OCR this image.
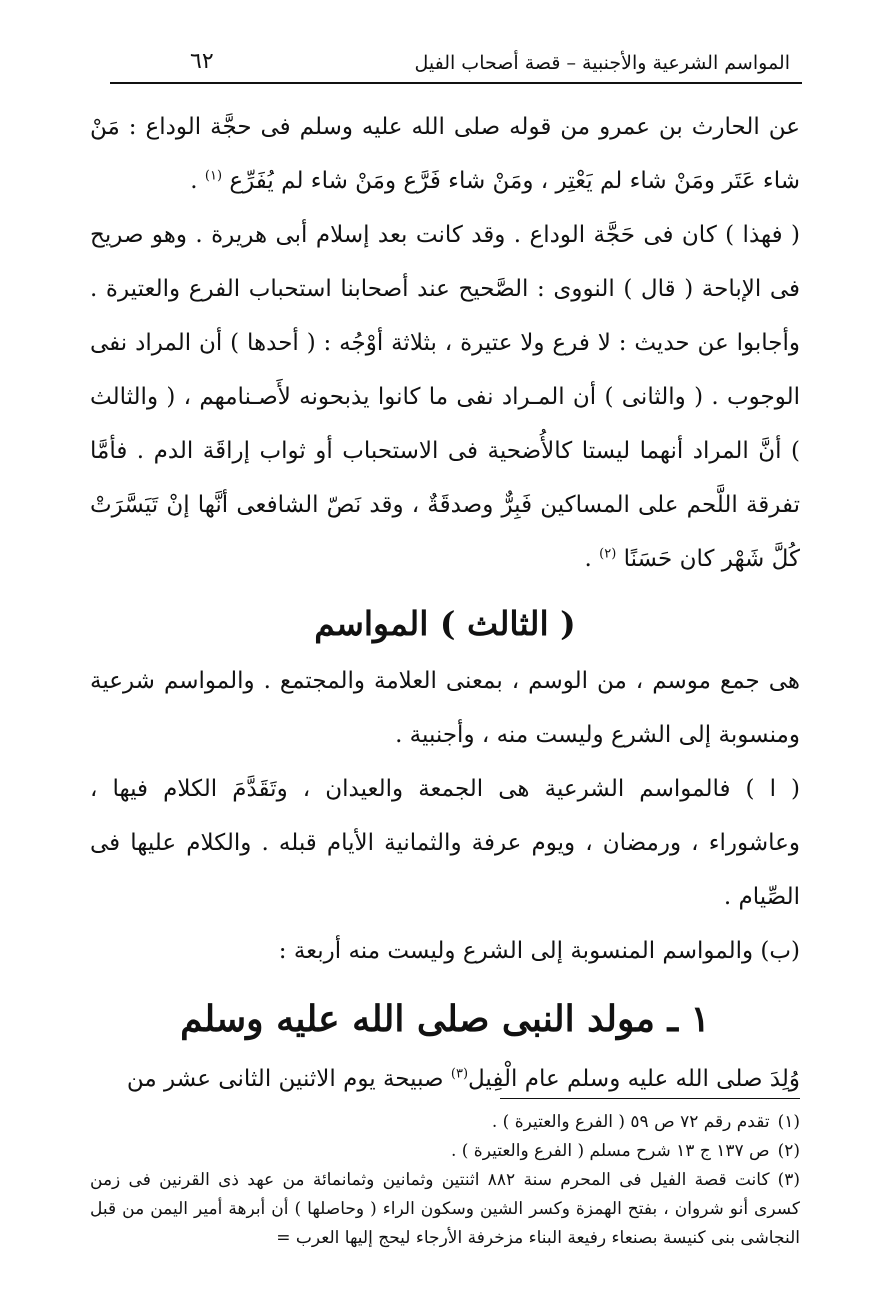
المواسم الشرعية والأجنبية – قصة أصحاب الفيل
٦٢

عن الحارث بن عمرو من قوله صلى الله عليه وسلم فى حجَّة الوداع : مَنْ شاء عَتَر ومَنْ شاء لم يَعْتِر ، ومَنْ شاء فَرَّع ومَنْ شاء لم يُفَرِّع $^{(١)}$ .

( فهذا ) كان فى حَجَّة الوداع . وقد كانت بعد إسلام أبى هريرة . وهو صريح فى الإباحة ( قال ) النووى : الصَّحيح عند أصحابنا استحباب الفرع والعتيرة . وأجابوا عن حديث : لا فرع ولا عتيرة ، بثلاثة أوْجُه : ( أحدها ) أن المراد نفى الوجوب . ( والثانى ) أن المـراد نفى ما كانوا يذبحونه لأَصـنامهم ، ( والثالث ) أنَّ المراد أنهما ليستا كالأُضحية فى الاستحباب أو ثواب إراقَة الدم . فأمَّا تفرقة اللَّحم على المساكين فَبِرٌّ وصدقَةٌ ، وقد نَصّ الشافعى أنَّها إنْ تَيَسَّرَتْ كُلَّ شَهْر كان حَسَنًا $^{(٢)}$ .

( الثالث ) المواسم

هى جمع موسم ، من الوسم ، بمعنى العلامة والمجتمع . والمواسم شرعية ومنسوبة إلى الشرع وليست منه ، وأجنبية .

( ا ) فالمواسم الشرعية هى الجمعة والعيدان ، وتَقَدَّمَ الكلام فيها ، وعاشوراء ، ورمضان ، ويوم عرفة والثمانية الأيام قبله . والكلام عليها فى الصِّيام .

(ب) والمواسم المنسوبة إلى الشرع وليست منه أربعة :

١ ـ مولد النبى صلى الله عليه وسلم

وُلِدَ صلى الله عليه وسلم عام الْفِيل$^{(٣)}$ صبيحة يوم الاثنين الثانى عشر من

(١)تقدم رقم ٧٢ ص ٥٩ ( الفرع والعتيرة ) .

(٢)ص ١٣٧ ج ١٣ شرح مسلم ( الفرع والعتيرة ) .

(٣)كانت قصة الفيل فى المحرم سنة ٨٨٢ اثنتين وثمانين وثمانمائة من عهد ذى القرنين فى زمن كسرى أنو شروان ، بفتح الهمزة وكسر الشين وسكون الراء ( وحاصلها ) أن أبرهة أمير اليمن من قبل النجاشى بنى كنيسة بصنعاء رفيعة البناء مزخرفة الأرجاء ليحج إليها العرب =
